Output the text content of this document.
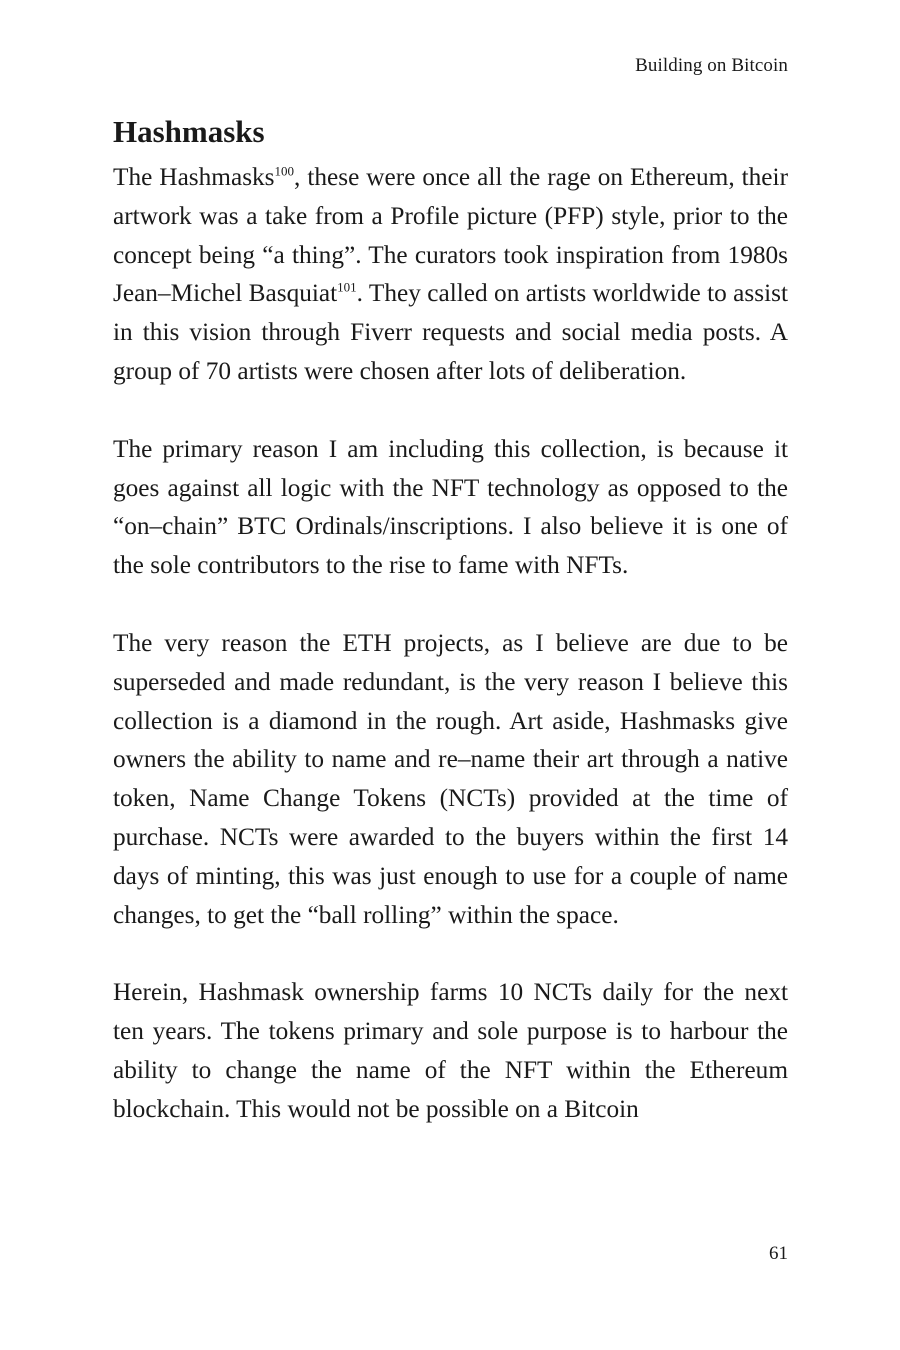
Building on Bitcoin
Hashmasks

The Hashmasks$^{100}$, these were once all the rage on Ethereum, their artwork was a take from a Profile picture (PFP) style, prior to the concept being “a thing”. The curators took inspiration from 1980s Jean–Michel Basquiat$^{101}$. They called on artists worldwide to assist in this vision through Fiverr requests and social media posts. A group of 70 artists were chosen after lots of deliberation.

The primary reason I am including this collection, is because it goes against all logic with the NFT technology as opposed to the “on–chain” BTC Ordinals/inscriptions. I also believe it is one of the sole contributors to the rise to fame with NFTs.

The very reason the ETH projects, as I believe are due to be superseded and made redundant, is the very reason I believe this collection is a diamond in the rough. Art aside, Hashmasks give owners the ability to name and re–name their art through a native token, Name Change Tokens (NCTs) provided at the time of purchase. NCTs were awarded to the buyers within the first 14 days of minting, this was just enough to use for a couple of name changes, to get the “ball rolling” within the space.

Herein, Hashmask ownership farms 10 NCTs daily for the next ten years. The tokens primary and sole purpose is to harbour the ability to change the name of the NFT within the Ethereum blockchain. This would not be possible on a Bitcoin

61
